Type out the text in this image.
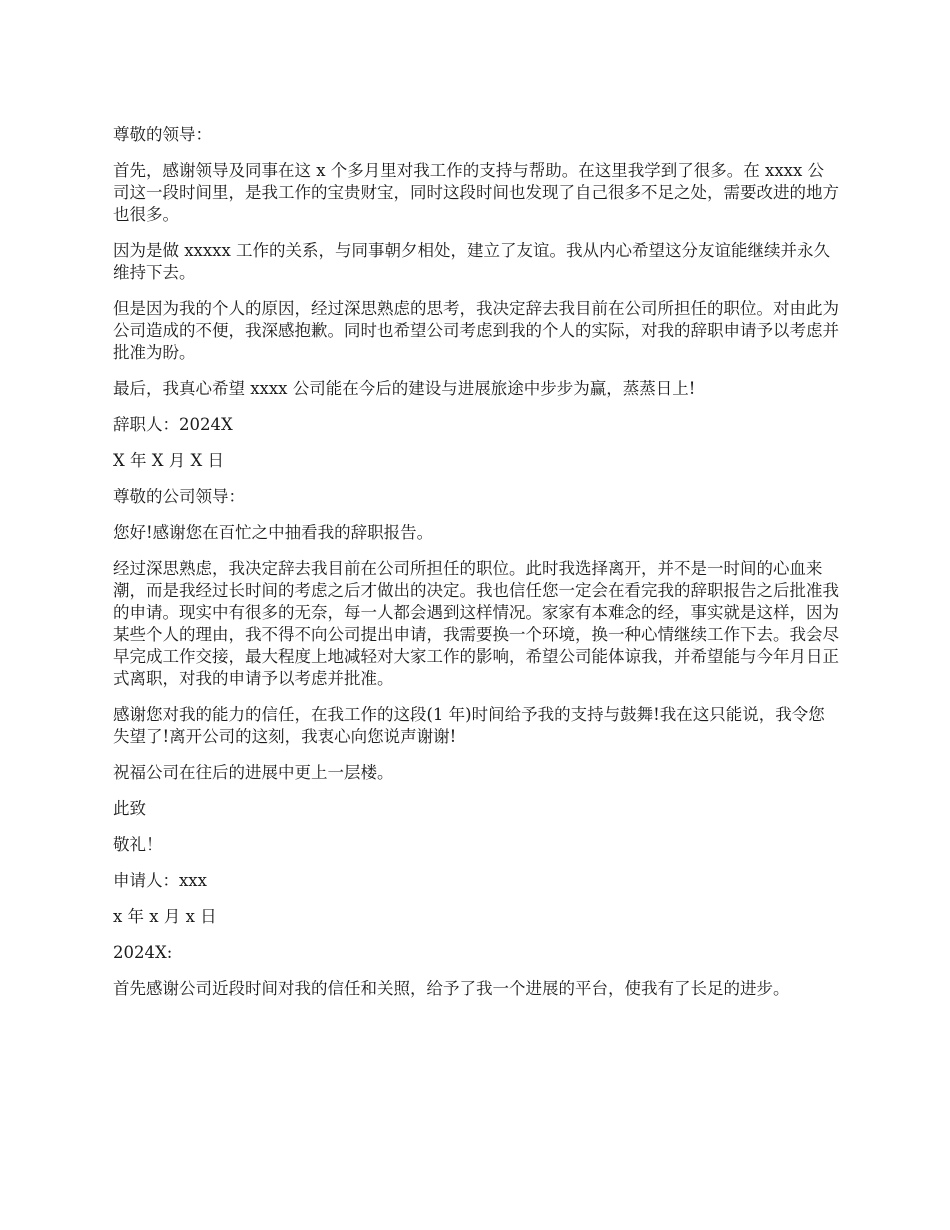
尊敬的领导：

首先，感谢领导及同事在这 x 个多月里对我工作的支持与帮助。在这里我学到了很多。在 xxxx 公司这一段时间里，是我工作的宝贵财宝，同时这段时间也发现了自己很多不足之处，需要改进的地方也很多。

因为是做 xxxxx 工作的关系，与同事朝夕相处，建立了友谊。我从内心希望这分友谊能继续并永久维持下去。

但是因为我的个人的原因，经过深思熟虑的思考，我决定辞去我目前在公司所担任的职位。对由此为公司造成的不便，我深感抱歉。同时也希望公司考虑到我的个人的实际，对我的辞职申请予以考虑并批准为盼。

最后，我真心希望 xxxx 公司能在今后的建设与进展旅途中步步为赢，蒸蒸日上!

辞职人：2024X

X 年 X 月 X 日

尊敬的公司领导：

您好!感谢您在百忙之中抽看我的辞职报告。

经过深思熟虑，我决定辞去我目前在公司所担任的职位。此时我选择离开，并不是一时间的心血来潮，而是我经过长时间的考虑之后才做出的决定。我也信任您一定会在看完我的辞职报告之后批准我的申请。现实中有很多的无奈，每一人都会遇到这样情况。家家有本难念的经，事实就是这样，因为某些个人的理由，我不得不向公司提出申请，我需要换一个环境，换一种心情继续工作下去。我会尽早完成工作交接，最大程度上地减轻对大家工作的影响，希望公司能体谅我，并希望能与今年月日正式离职，对我的申请予以考虑并批准。

感谢您对我的能力的信任，在我工作的这段(1 年)时间给予我的支持与鼓舞!我在这只能说，我令您失望了!离开公司的这刻，我衷心向您说声谢谢!

祝福公司在往后的进展中更上一层楼。

此致

敬礼！

申请人：xxx

x 年 x 月 x 日

2024X:

首先感谢公司近段时间对我的信任和关照，给予了我一个进展的平台，使我有了长足的进步。
